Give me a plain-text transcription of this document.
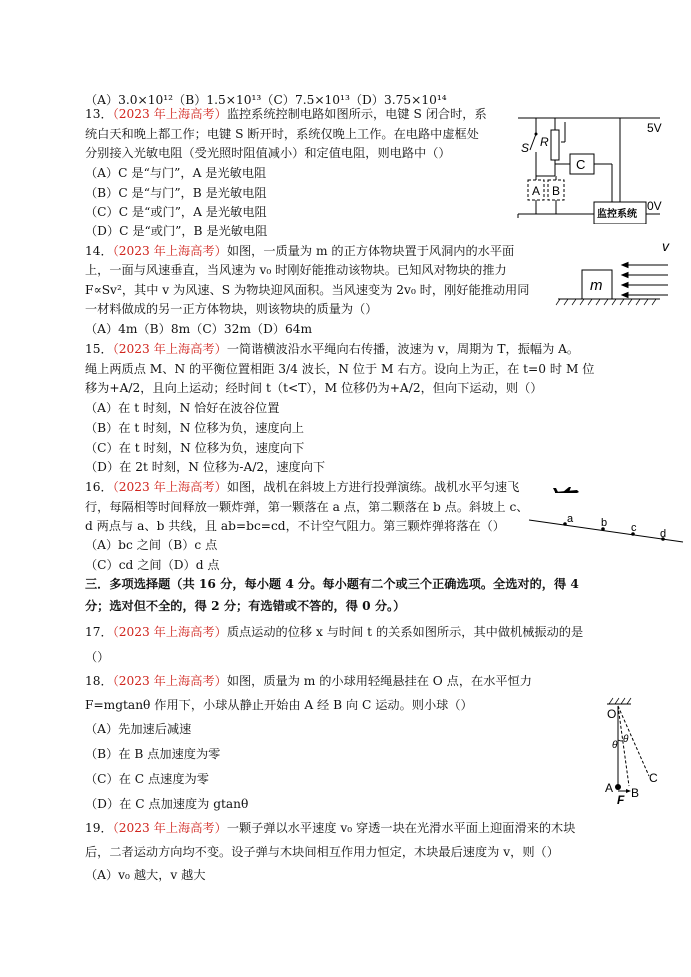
（A）3.0×10¹²（B）1.5×10¹³（C）7.5×10¹³（D）3.75×10¹⁴
13．（2023 年上海高考）监控系统控制电路如图所示，电键 S 闭合时，系
统白天和晚上都工作；电键 S 断开时，系统仅晚上工作。在电路中虚框处
分别接入光敏电阻（受光照时阻值减小）和定值电阻，则电路中（）
（A）C 是“与门”，A 是光敏电阻
（B）C 是“与门”，B 是光敏电阻
（C）C 是“或门”，A 是光敏电阻
（D）C 是“或门”，B 是光敏电阻
5V
0V
S R
C
监控系统
A B
14．（2023 年上海高考）如图，一质量为 m 的正方体物块置于风洞内的水平面
上，一面与风速垂直，当风速为 v₀ 时刚好能推动该物块。已知风对物块的推力
F∝Sv²，其中 v 为风速、S 为物块迎风面积。当风速变为 2v₀ 时，刚好能推动用同
一材料做成的另一正方体物块，则该物块的质量为（）
（A）4m（B）8m（C）32m（D）64m
v
m
15．（2023 年上海高考）一简谐横波沿水平绳向右传播，波速为 v，周期为 T，振幅为 A。
绳上两质点 M、N 的平衡位置相距 3/4 波长，N 位于 M 右方。设向上为正，在 t=0 时 M 位
移为+A/2，且向上运动；经时间 t（t<T），M 位移仍为+A/2，但向下运动，则（）
（A）在 t 时刻，N 恰好在波谷位置
（B）在 t 时刻，N 位移为负，速度向上
（C）在 t 时刻，N 位移为负，速度向下
（D）在 2t 时刻，N 位移为-A/2，速度向下
16．（2023 年上海高考）如图，战机在斜坡上方进行投弹演练。战机水平匀速飞
行，每隔相等时间释放一颗炸弹，第一颗落在 a 点，第二颗落在 b 点。斜坡上 c、
d 两点与 a、b 共线，且 ab=bc=cd，不计空气阻力。第三颗炸弹将落在（）
（A）bc 之间（B）c 点
（C）cd 之间（D）d 点
a	b c d
三．多项选择题（共 16 分，每小题 4 分。每小题有二个或三个正确选项。全选对的，得 4
分；选对但不全的，得 2 分；有选错或不答的，得 0 分。）
17．（2023 年上海高考）质点运动的位移 x 与时间 t 的关系如图所示，其中做机械振动的是
（）
18．（2023 年上海高考）如图，质量为 m 的小球用轻绳悬挂在 O 点，在水平恒力
F=mgtanθ 作用下，小球从静止开始由 A 经 B 向 C 运动。则小球（）
（A）先加速后减速
（B）在 B 点加速度为零
（C）在 C 点速度为零
（D）在 C 点加速度为 gtanθ
O
θ
θ
A B
C
F
19．（2023 年上海高考）一颗子弹以水平速度 v₀ 穿透一块在光滑水平面上迎面滑来的木块
后，二者运动方向均不变。设子弹与木块间相互作用力恒定，木块最后速度为 v，则（）
（A）v₀ 越大，v 越大
